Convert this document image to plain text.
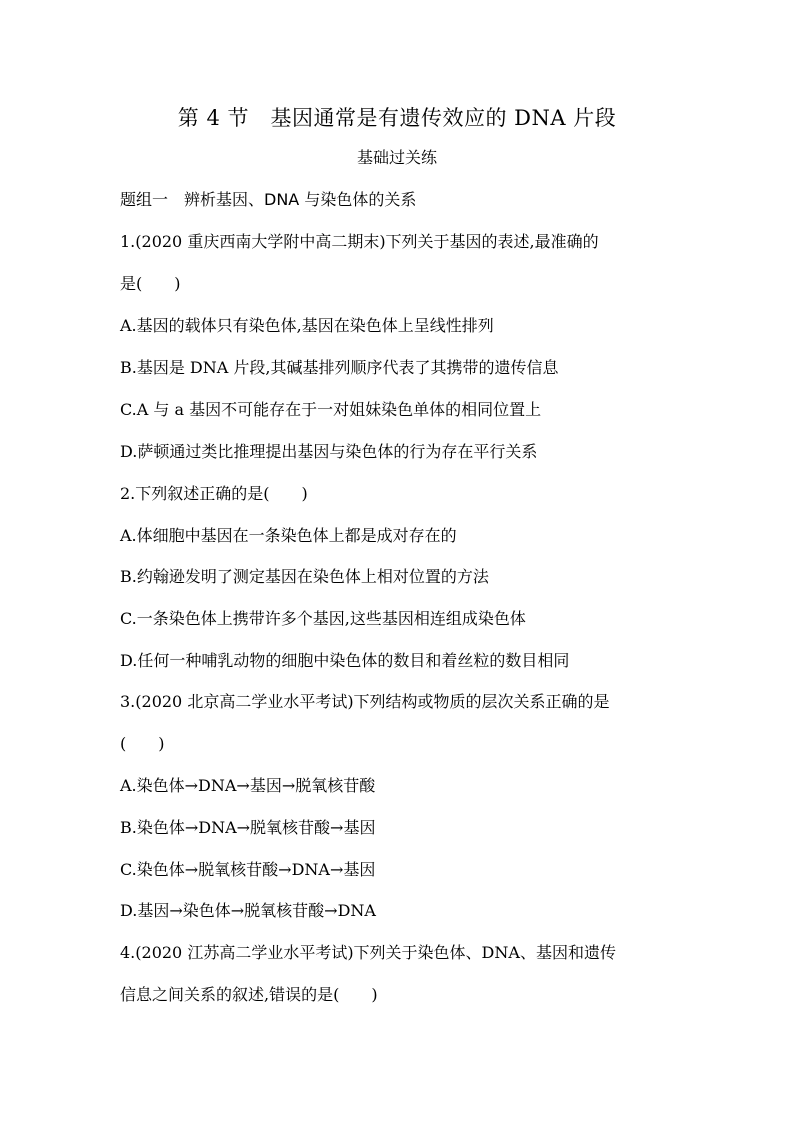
第 4 节　基因通常是有遗传效应的 DNA 片段
基础过关练
题组一　辨析基因、DNA 与染色体的关系
1.(2020 重庆西南大学附中高二期末)下列关于基因的表述,最准确的
是(　　)
A.基因的载体只有染色体,基因在染色体上呈线性排列
B.基因是 DNA 片段,其碱基排列顺序代表了其携带的遗传信息
C.A 与 a 基因不可能存在于一对姐妹染色单体的相同位置上
D.萨顿通过类比推理提出基因与染色体的行为存在平行关系
2.下列叙述正确的是(　　)
A.体细胞中基因在一条染色体上都是成对存在的
B.约翰逊发明了测定基因在染色体上相对位置的方法
C.一条染色体上携带许多个基因,这些基因相连组成染色体
D.任何一种哺乳动物的细胞中染色体的数目和着丝粒的数目相同
3.(2020 北京高二学业水平考试)下列结构或物质的层次关系正确的是
(　　)
A.染色体→DNA→基因→脱氧核苷酸
B.染色体→DNA→脱氧核苷酸→基因
C.染色体→脱氧核苷酸→DNA→基因
D.基因→染色体→脱氧核苷酸→DNA
4.(2020 江苏高二学业水平考试)下列关于染色体、DNA、基因和遗传
信息之间关系的叙述,错误的是(　　)
